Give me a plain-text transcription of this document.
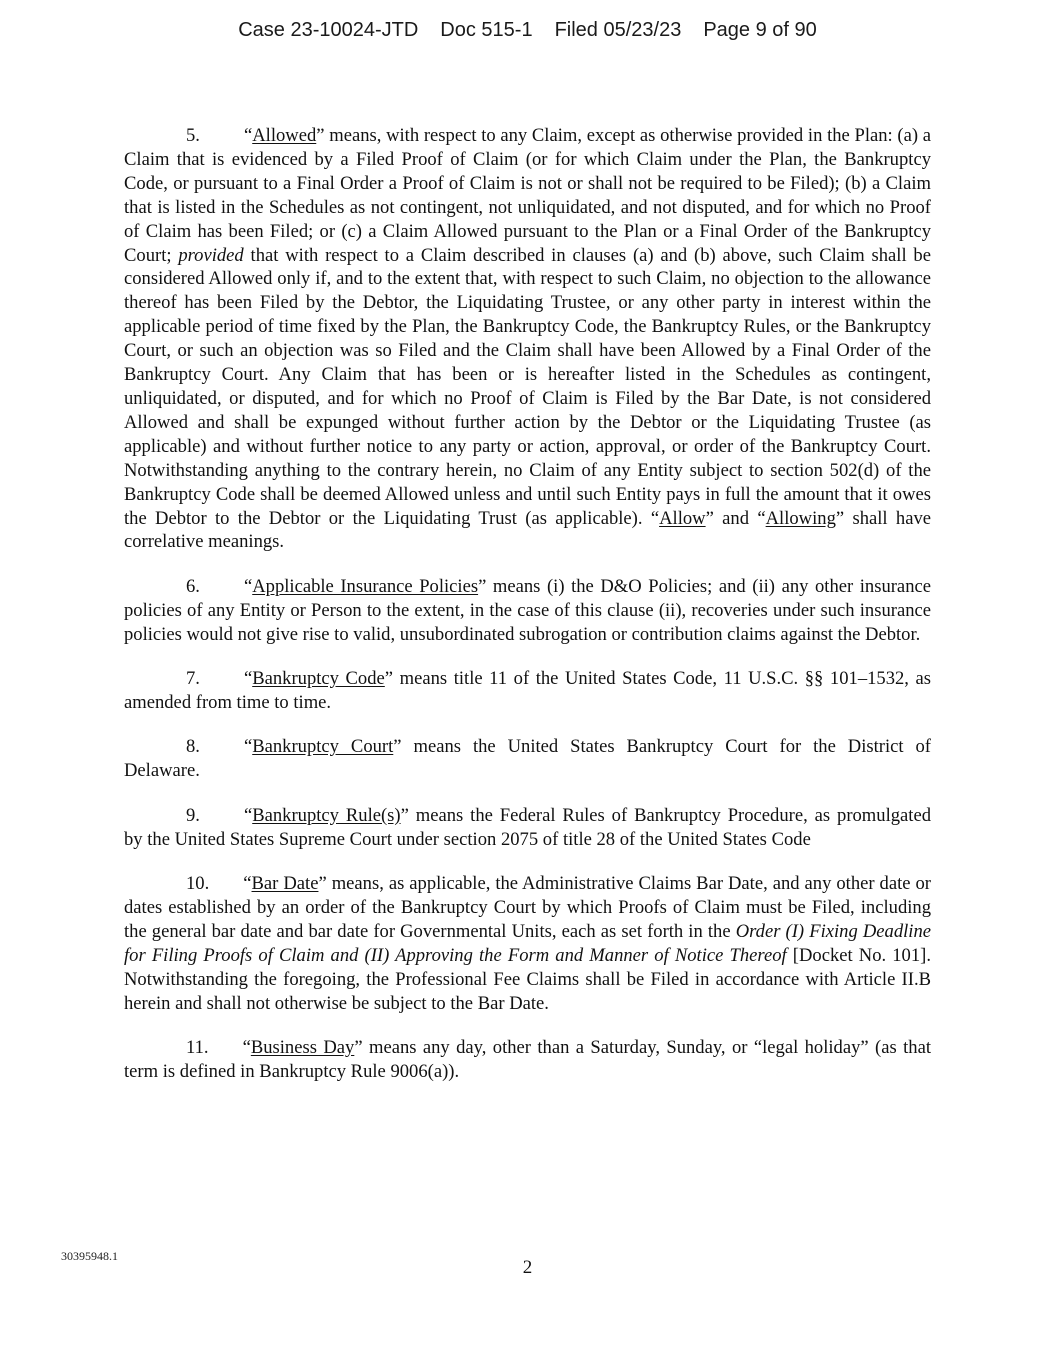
Case 23-10024-JTD Doc 515-1 Filed 05/23/23 Page 9 of 90

5. “Allowed” means, with respect to any Claim, except as otherwise provided in the Plan: (a) a Claim that is evidenced by a Filed Proof of Claim (or for which Claim under the Plan, the Bankruptcy Code, or pursuant to a Final Order a Proof of Claim is not or shall not be required to be Filed); (b) a Claim that is listed in the Schedules as not contingent, not unliquidated, and not disputed, and for which no Proof of Claim has been Filed; or (c) a Claim Allowed pursuant to the Plan or a Final Order of the Bankruptcy Court; provided that with respect to a Claim described in clauses (a) and (b) above, such Claim shall be considered Allowed only if, and to the extent that, with respect to such Claim, no objection to the allowance thereof has been Filed by the Debtor, the Liquidating Trustee, or any other party in interest within the applicable period of time fixed by the Plan, the Bankruptcy Code, the Bankruptcy Rules, or the Bankruptcy Court, or such an objection was so Filed and the Claim shall have been Allowed by a Final Order of the Bankruptcy Court. Any Claim that has been or is hereafter listed in the Schedules as contingent, unliquidated, or disputed, and for which no Proof of Claim is Filed by the Bar Date, is not considered Allowed and shall be expunged without further action by the Debtor or the Liquidating Trustee (as applicable) and without further notice to any party or action, approval, or order of the Bankruptcy Court. Notwithstanding anything to the contrary herein, no Claim of any Entity subject to section 502(d) of the Bankruptcy Code shall be deemed Allowed unless and until such Entity pays in full the amount that it owes the Debtor to the Debtor or the Liquidating Trust (as applicable). “Allow” and “Allowing” shall have correlative meanings.

6. “Applicable Insurance Policies” means (i) the D&O Policies; and (ii) any other insurance policies of any Entity or Person to the extent, in the case of this clause (ii), recoveries under such insurance policies would not give rise to valid, unsubordinated subrogation or contribution claims against the Debtor.

7. “Bankruptcy Code” means title 11 of the United States Code, 11 U.S.C. §§ 101–1532, as amended from time to time.

8. “Bankruptcy Court” means the United States Bankruptcy Court for the District of Delaware.

9. “Bankruptcy Rule(s)” means the Federal Rules of Bankruptcy Procedure, as promulgated by the United States Supreme Court under section 2075 of title 28 of the United States Code

10. “Bar Date” means, as applicable, the Administrative Claims Bar Date, and any other date or dates established by an order of the Bankruptcy Court by which Proofs of Claim must be Filed, including the general bar date and bar date for Governmental Units, each as set forth in the Order (I) Fixing Deadline for Filing Proofs of Claim and (II) Approving the Form and Manner of Notice Thereof [Docket No. 101]. Notwithstanding the foregoing, the Professional Fee Claims shall be Filed in accordance with Article II.B herein and shall not otherwise be subject to the Bar Date.

11. “Business Day” means any day, other than a Saturday, Sunday, or “legal holiday” (as that term is defined in Bankruptcy Rule 9006(a)).

30395948.1
2
